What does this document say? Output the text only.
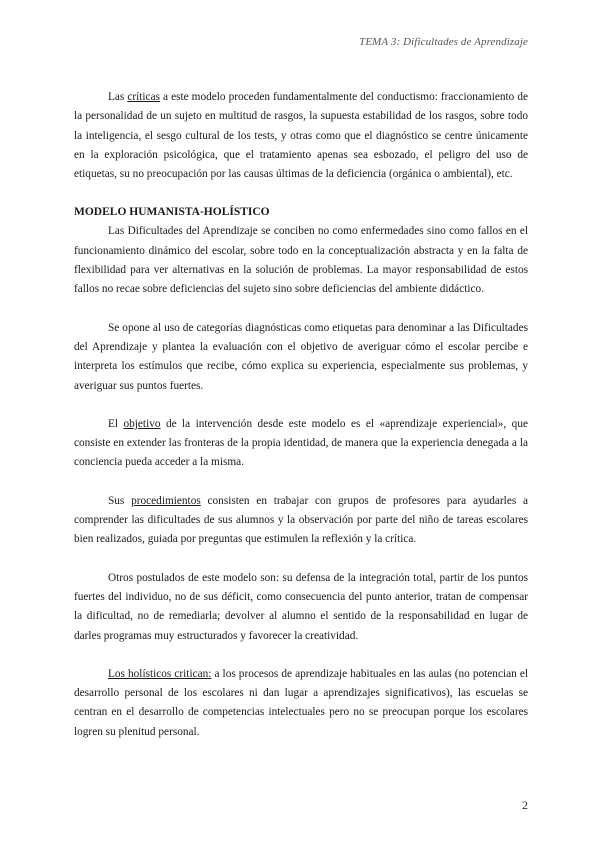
TEMA 3: Dificultades de Aprendizaje

Las críticas a este modelo proceden fundamentalmente del conductismo: fraccionamiento de la personalidad de un sujeto en multitud de rasgos, la supuesta estabilidad de los rasgos, sobre todo la inteligencia, el sesgo cultural de los tests, y otras como que el diagnóstico se centre únicamente en la exploración psicológica, que el tratamiento apenas sea esbozado, el peligro del uso de etiquetas, su no preocupación por las causas últimas de la deficiencia (orgánica o ambiental), etc.

MODELO HUMANISTA-HOLÍSTICO

Las Dificultades del Aprendizaje se conciben no como enfermedades sino como fallos en el funcionamiento dinámico del escolar, sobre todo en la conceptualización abstracta y en la falta de flexibilidad para ver alternativas en la solución de problemas. La mayor responsabilidad de estos fallos no recae sobre deficiencias del sujeto sino sobre deficiencias del ambiente didáctico.

Se opone al uso de categorías diagnósticas como etiquetas para denominar a las Dificultades del Aprendizaje y plantea la evaluación con el objetivo de averiguar cómo el escolar percibe e interpreta los estímulos que recibe, cómo explica su experiencia, especialmente sus problemas, y averiguar sus puntos fuertes.

El objetivo de la intervención desde este modelo es el «aprendizaje experiencial», que consiste en extender las fronteras de la propia identidad, de manera que la experiencia denegada a la conciencia pueda acceder a la misma.

Sus procedimientos consisten en trabajar con grupos de profesores para ayudarles a comprender las dificultades de sus alumnos y la observación por parte del niño de tareas escolares bien realizados, guiada por preguntas que estimulen la reflexión y la crítica.

Otros postulados de este modelo son: su defensa de la integración total, partir de los puntos fuertes del individuo, no de sus déficit, como consecuencia del punto anterior, tratan de compensar la dificultad, no de remediarla; devolver al alumno el sentido de la responsabilidad en lugar de darles programas muy estructurados y favorecer la creatividad.

Los holísticos critican: a los procesos de aprendizaje habituales en las aulas (no potencian el desarrollo personal de los escolares ni dan lugar a aprendizajes significativos), las escuelas se centran en el desarrollo de competencias intelectuales pero no se preocupan porque los escolares logren su plenitud personal.

2
